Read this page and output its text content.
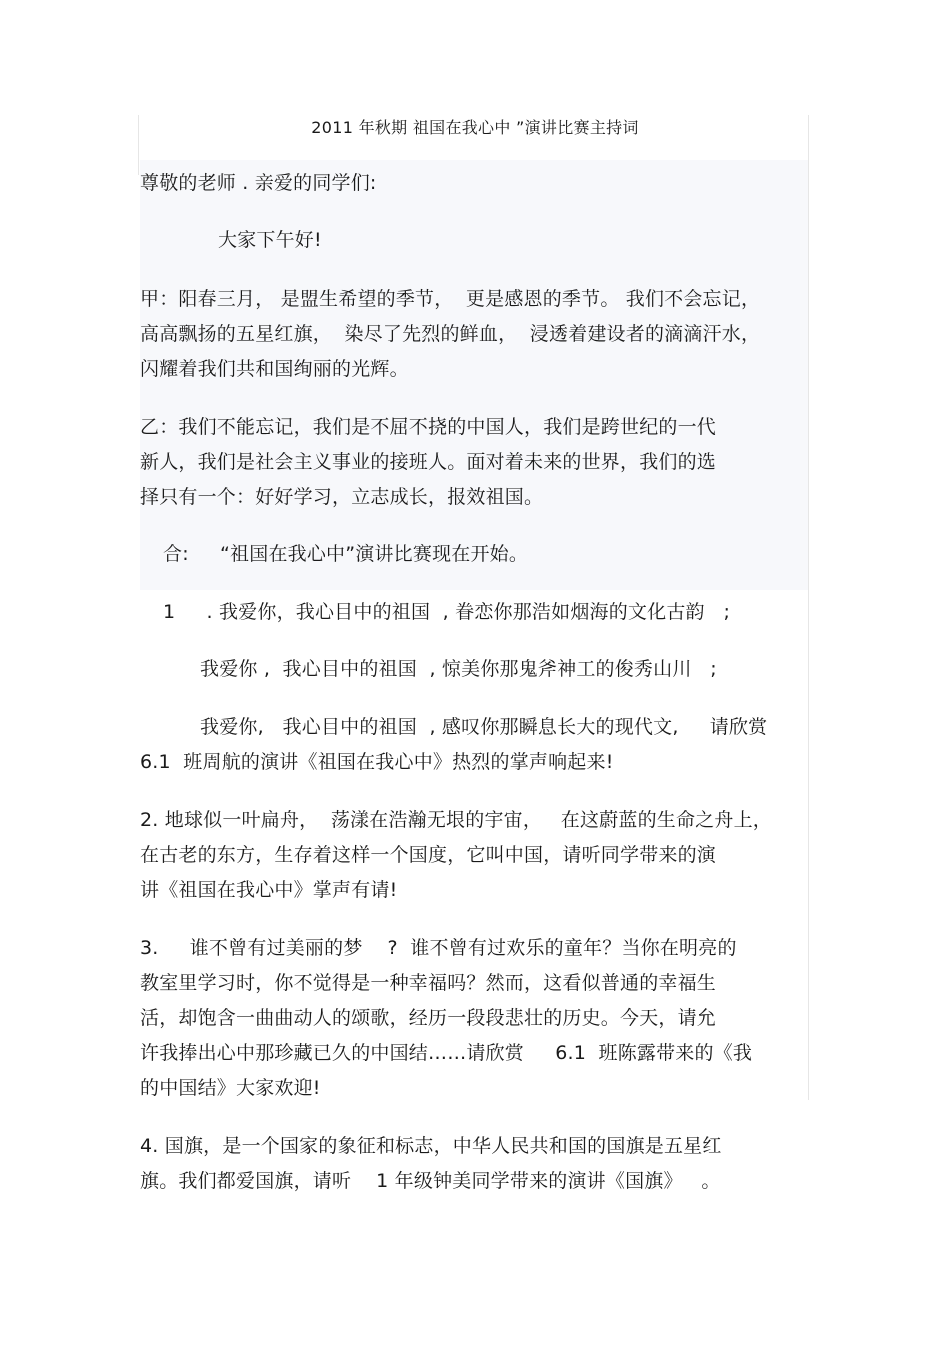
2011 年秋期 祖国在我心中 ”演讲比赛主持词
尊敬的老师 . 亲爱的同学们:
大家下午好!
甲：阳春三月， 是盟生希望的季节，  更是感恩的季节。 我们不会忘记，
高高飘扬的五星红旗，  染尽了先烈的鲜血，  浸透着建设者的滴滴汗水，
闪耀着我们共和国绚丽的光辉。
乙：我们不能忘记，我们是不屈不挠的中国人，我们是跨世纪的一代
新人，我们是社会主义事业的接班人。面对着未来的世界，我们的选
择只有一个：好好学习，立志成长，报效祖国。
合:     “祖国在我心中”演讲比赛现在开始。
1     . 我爱你，我心目中的祖国  , 眷恋你那浩如烟海的文化古韵   ;
我爱你 ,  我心目中的祖国  , 惊美你那鬼斧神工的俊秀山川   ;
我爱你,   我心目中的祖国  , 感叹你那瞬息长大的现代文,     请欣赏
6.1  班周航的演讲《祖国在我心中》热烈的掌声响起来!
2. 地球似一叶扁舟，  荡漾在浩瀚无垠的宇宙，   在这蔚蓝的生命之舟上，
在古老的东方，生存着这样一个国度，它叫中国，请听同学带来的演
讲《祖国在我心中》掌声有请!
3.     谁不曾有过美丽的梦    ?  谁不曾有过欢乐的童年？当你在明亮的
教室里学习时，你不觉得是一种幸福吗？然而，这看似普通的幸福生
活，却饱含一曲曲动人的颂歌，经历一段段悲壮的历史。今天，请允
许我捧出心中那珍藏已久的中国结……请欣赏     6.1  班陈露带来的《我
的中国结》大家欢迎!
4. 国旗，是一个国家的象征和标志，中华人民共和国的国旗是五星红
旗。我们都爱国旗，请听    1 年级钟美同学带来的演讲《国旗》   。
